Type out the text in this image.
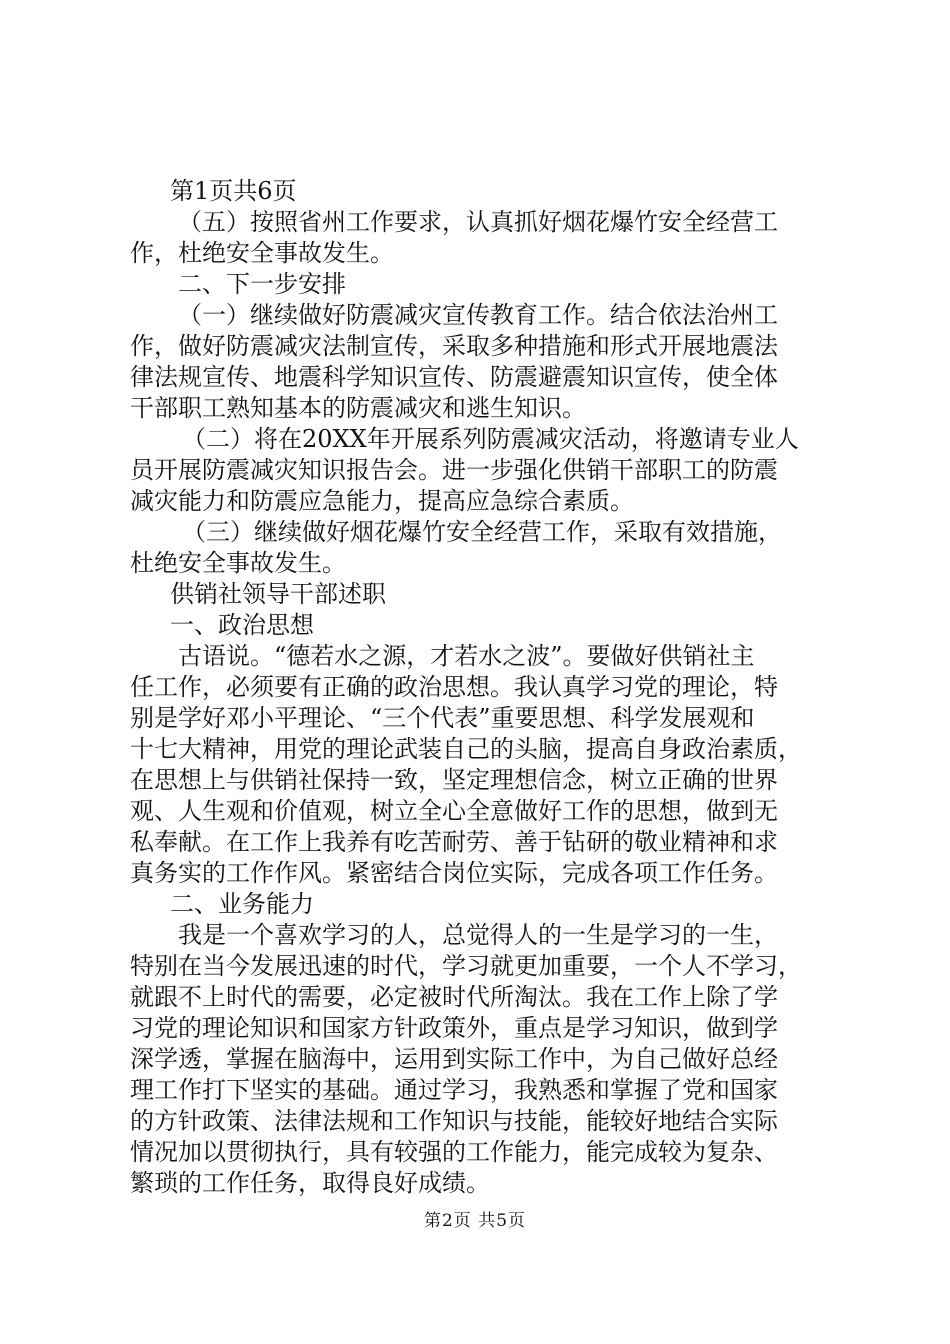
第1页共6页
（五）按照省州工作要求，认真抓好烟花爆竹安全经营工
作，杜绝安全事故发生。
二、下一步安排
（一）继续做好防震减灾宣传教育工作。结合依法治州工
作，做好防震减灾法制宣传，采取多种措施和形式开展地震法
律法规宣传、地震科学知识宣传、防震避震知识宣传，使全体
干部职工熟知基本的防震减灾和逃生知识。
（二）将在20XX年开展系列防震减灾活动，将邀请专业人
员开展防震减灾知识报告会。进一步强化供销干部职工的防震
减灾能力和防震应急能力，提高应急综合素质。
（三）继续做好烟花爆竹安全经营工作，采取有效措施，
杜绝安全事故发生。
供销社领导干部述职
一、政治思想
古语说。“德若水之源，才若水之波”。要做好供销社主
任工作，必须要有正确的政治思想。我认真学习党的理论，特
别是学好邓小平理论、“三个代表”重要思想、科学发展观和
十七大精神，用党的理论武装自己的头脑，提高自身政治素质，
在思想上与供销社保持一致，坚定理想信念，树立正确的世界
观、人生观和价值观，树立全心全意做好工作的思想，做到无
私奉献。在工作上我养有吃苦耐劳、善于钻研的敬业精神和求
真务实的工作作风。紧密结合岗位实际，完成各项工作任务。
二、业务能力
我是一个喜欢学习的人，总觉得人的一生是学习的一生，
特别在当今发展迅速的时代，学习就更加重要，一个人不学习，
就跟不上时代的需要，必定被时代所淘汰。我在工作上除了学
习党的理论知识和国家方针政策外，重点是学习知识，做到学
深学透，掌握在脑海中，运用到实际工作中，为自己做好总经
理工作打下坚实的基础。通过学习，我熟悉和掌握了党和国家
的方针政策、法律法规和工作知识与技能，能较好地结合实际
情况加以贯彻执行，具有较强的工作能力，能完成较为复杂、
繁琐的工作任务，取得良好成绩。
第2页 共5页
